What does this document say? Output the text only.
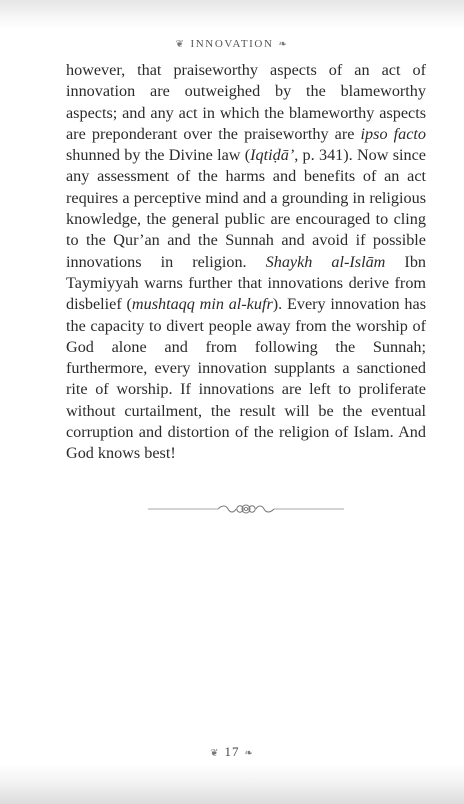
❦ INNOVATION ❧

however, that praiseworthy aspects of an act of innovation are outweighed by the blameworthy aspects; and any act in which the blameworthy aspects are preponderant over the praiseworthy are ipso facto shunned by the Divine law (Iqtiḍā’, p. 341). Now since any assessment of the harms and benefits of an act requires a perceptive mind and a grounding in religious knowledge, the general public are encouraged to cling to the Qur’an and the Sunnah and avoid if possible innovations in religion. Shaykh al-Islām Ibn Taymiyyah warns further that innovations derive from disbelief (mushtaqq min al-kufr). Every innovation has the capacity to divert people away from the worship of God alone and from following the Sunnah; furthermore, every innovation supplants a sanctioned rite of worship. If innovations are left to proliferate without curtailment, the result will be the eventual corruption and distortion of the religion of Islam. And God knows best!

❦ 17 ❧
